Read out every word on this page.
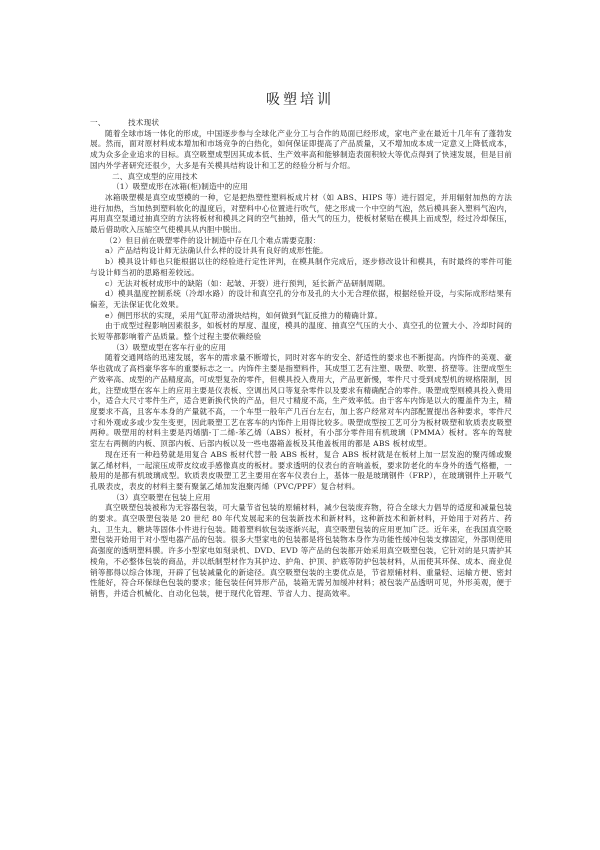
吸塑培训

一、	技术现状

随着全球市场一体化的形成，中国逐步参与全球化产业分工与合作的局面已经形成，家电产业在最近十几年有了蓬勃发展。然而，面对原材料成本增加和市场竞争的白热化，如何保证即提高了产品质量，又不增加成本成一定意义上降低成本，成为众多企业追求的目标。真空吸塑成型因其成本低、生产效率高和能够制造表面积较大等优点得到了快速发展，但是目前国内外学者研究还很少，大多是有关模具结构设计和工艺的经验分析与介绍。

二、真空成型的应用技术

（1）吸塑成形在冰箱(柜)制造中的应用

冰箱吸塑模是真空成型模的一种，它是把热塑性塑料板成片材（如 ABS、HIPS 等）进行固定，并用辐射加热的方法进行加热，当加热到塑料软化的温度后，对塑料中心位置进行吹气，使之形成一个中空的气泡，然后模具套入塑料气泡内，再用真空泵通过抽真空的方法将板材和模具之间的空气抽掉，借大气的压力，使板材紧贴在模具上而成型，经过冷却保压，最后借助吹入压缩空气使模具从内胆中脱出。

（2）但目前在吸塑零件的设计制造中存在几个难点需要克服：

a）产品结构设计师无法确认什么样的设计具有良好的成形性能。

b）模具设计师也只能根据以往的经验进行定性评判，在模具制作完成后，逐步修改设计和模具，有时最终的零件可能与设计师当初的思路相差较远。

c）无法对板材成形中的缺陷（如：起皱、开裂）进行预判，延长新产品研制周期。

d）模具温度控制系统（冷却水路）的设计和真空孔的分布及孔的大小无合理依据，根据经验开设，与实际成形结果有偏差，无法保证优化效果。

e）侧凹形状的实现，采用气缸带动滑块结构，如何做到气缸反推力的精确计算。

由于成型过程影响因素很多，如板材的厚度、温度，模具的温度、抽真空气压的大小、真空孔的位置大小、冷却时间的长短等都影响着产品质量。整个过程主要依赖经验

（3）吸塑成型在客车行业的应用

随着交通网络的迅速发展，客车的需求量不断增长，同时对客车的安全、舒适性的要求也不断提高。内饰件的美观、豪华也就成了高档豪华客车的重要标志之一。内饰件主要是指塑料件，其成型工艺有注塑、吸塑、吹塑、挤塑等。注塑成型生产效率高、成型的产品精度高，可成型复杂的零件，但模具投入费用大，产品更新慢，零件尺寸受到成型机的规格限制，因此，注塑成型在客车上的应用主要是仪表板、空调出风口等复杂零件以及要求有精确配合的零件。吸塑成型则模具投入费用小，适合大尺寸零件生产，适合更新换代快的产品，但尺寸精度不高，生产效率低。由于客车内饰是以大的覆盖件为主，精度要求不高，且客车本身的产量就不高，一个车型一般年产几百台左右，加上客户经常对车内部配置提出各种要求，零件尺寸和外观或多或少发生变更，因此吸塑工艺在客车的内饰件上用得比较多。吸塑成型按工艺可分为板材吸塑和软质表皮吸塑两种。吸塑用的材料主要是丙烯腈-丁二烯-苯乙烯（ABS）板材，有小部分零件用有机玻璃（PMMA）板材。客车的驾驶室左右两侧的内板、顶部内板、后部内板以及一些电器箱盖板及其他盖板用的都是 ABS 板材成型。

现在还有一种趋势就是用复合 ABS 板材代替一般 ABS 板材，复合 ABS 板材就是在板材上加一层发泡的聚丙烯或聚氯乙烯材料，一起滚压成带皮纹或手感像真皮的板材。要求透明的仪表台的音响盖板，要求防老化的车身外的透气格栅，一般用的是都有机玻璃成型。软质表皮吸塑工艺主要用在客车仪表台上，基体一般是玻璃钢件（FRP），在玻璃钢件上开吸气孔吸表皮，表皮的材料主要有聚氯乙烯加发泡聚丙烯（PVC/PPF）复合材料。

（3）真空吸塑在包装上应用

真空吸塑包装被称为无容器包装，可大量节省包装的原辅材料，减少包装废弃物，符合全球大力倡导的适度和减量包装的要求。真空吸塑包装是 20 世纪 80 年代发展起来的包装新技术和新材料，这种新技术和新材料，开始用于对药片、药丸、卫生丸、糖块等固体小件进行包装。随着塑料软包装逐渐兴起，真空吸塑包装的应用更加广泛。近年来，在我国真空吸塑包装开始用于对小型电器产品的包装。很多大型家电的包装都是将包装物本身作为功能性缓冲包装支撑固定，外部则使用高强度的透明塑料膜。许多小型家电如刻录机、DVD、EVD 等产品的包装都开始采用真空吸塑包装，它针对的是只需护其棱角，不必整体包装的商品，并以纸制型材作为其护边、护角、护顶、护底等防护包装材料，从而使其环保、成本、商业促销等都得以综合体现，开辟了包装减量化的新途径。真空吸塑包装的主要优点是，节省原辅材料、重量轻、运输方便、密封性能好，符合环保绿色包装的要求；能包装任何异形产品，装箱无需另加缓冲材料；被包装产品透明可见，外形美观，便于销售，并适合机械化、自动化包装，便于现代化管理、节省人力、提高效率。
